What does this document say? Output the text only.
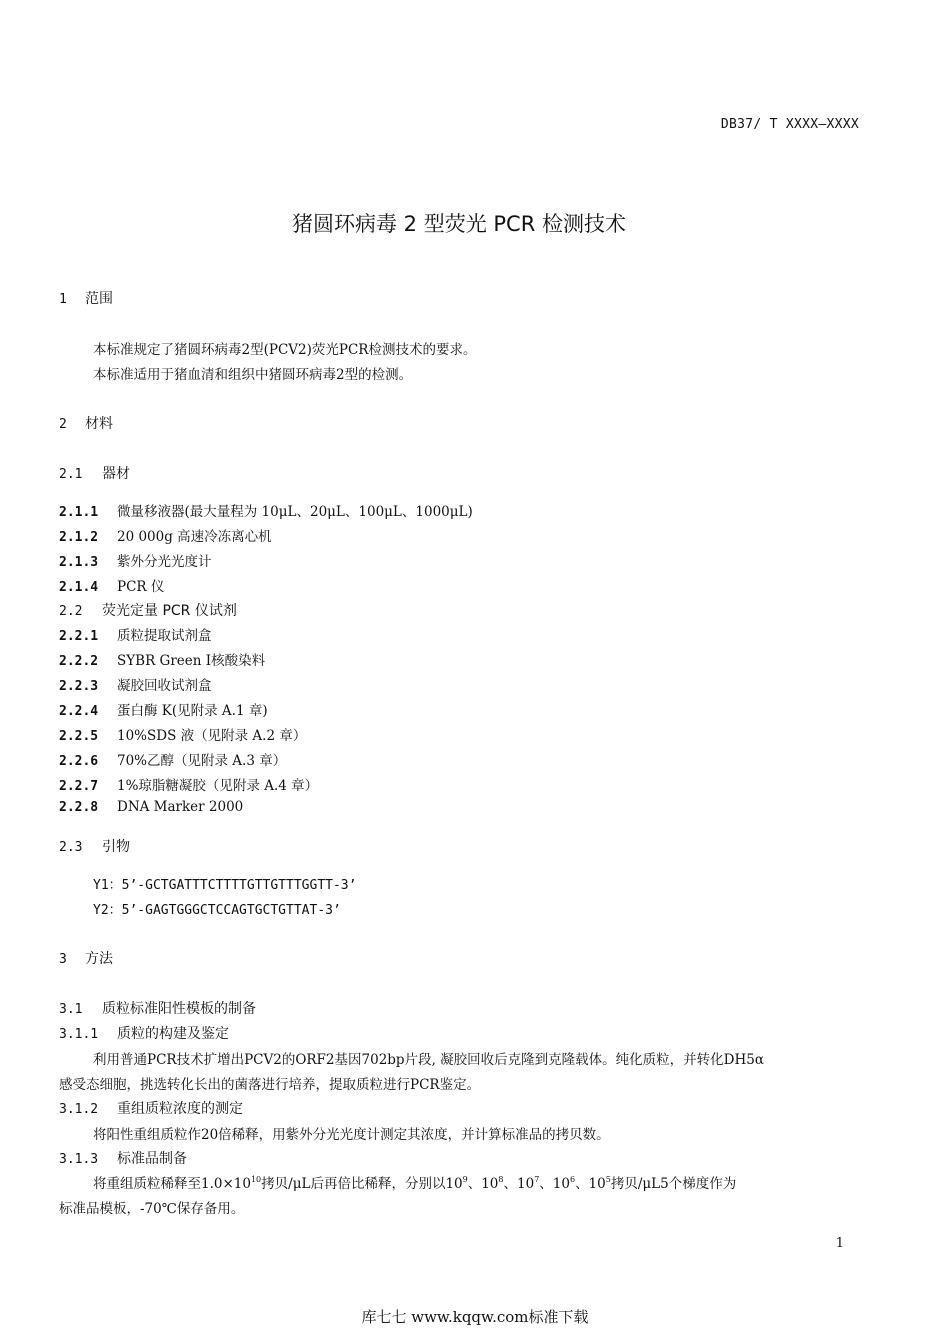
DB37/ T XXXX—XXXX
猪圆环病毒 2 型荧光 PCR 检测技术
1 范围
本标准规定了猪圆环病毒2型(PCV2)荧光PCR检测技术的要求。
本标准适用于猪血清和组织中猪圆环病毒2型的检测。
2 材料
2.1 器材
2.1.1 微量移液器(最大量程为 10μL、20μL、100μL、1000μL)
2.1.2 20 000g 高速冷冻离心机
2.1.3 紫外分光光度计
2.1.4 PCR 仪
2.2 荧光定量 PCR 仪试剂
2.2.1 质粒提取试剂盒
2.2.2 SYBR Green Ⅰ核酸染料
2.2.3 凝胶回收试剂盒
2.2.4 蛋白酶 K(见附录 A.1 章)
2.2.5 10%SDS 液（见附录 A.2 章）
2.2.6 70%乙醇（见附录 A.3 章）
2.2.7 1%琼脂糖凝胶（见附录 A.4 章）
2.2.8 DNA Marker 2000
2.3 引物
Y1：5’-GCTGATTTCTTTTGTTGTTTGGTT-3’
Y2：5’-GAGTGGGCTCCAGTGCTGTTAT-3’
3 方法
3.1 质粒标准阳性模板的制备
3.1.1 质粒的构建及鉴定
利用普通PCR技术扩增出PCV2的ORF2基因702bp片段, 凝胶回收后克隆到克隆载体。纯化质粒，并转化DH5α
感受态细胞，挑选转化长出的菌落进行培养，提取质粒进行PCR鉴定。
3.1.2 重组质粒浓度的测定
将阳性重组质粒作20倍稀释，用紫外分光光度计测定其浓度，并计算标准品的拷贝数。
3.1.3 标准品制备
将重组质粒稀释至$1.0\times 10^{10}$拷贝/μL后再倍比稀释，分别以$10^9$、$10^8$、$10^7$、$10^6$、$10^5$拷贝/μL5个梯度作为
标准品模板，-70℃保存备用。
1
库七七 www.kqqw.com标准下载
